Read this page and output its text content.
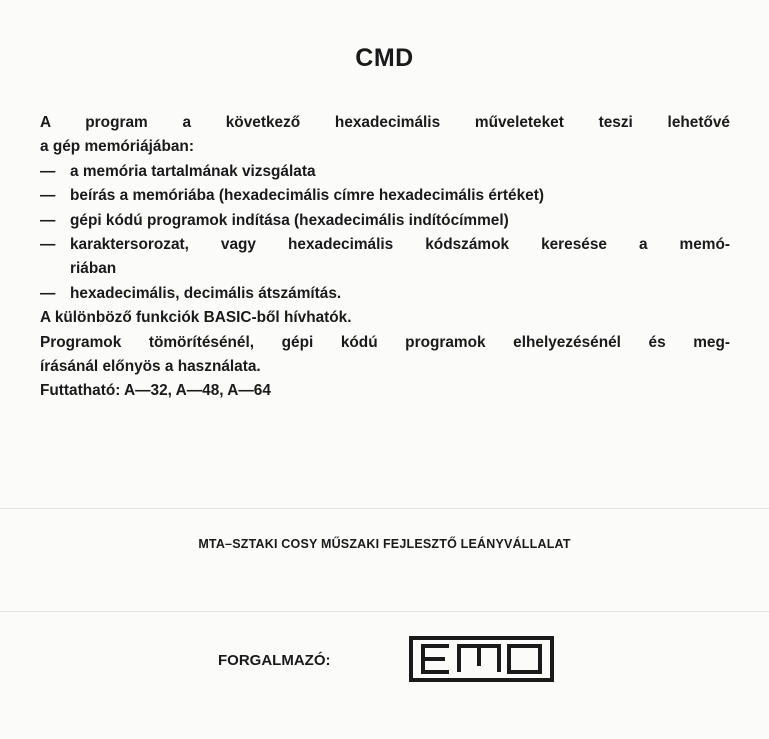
CMD
A program a következő hexadecimális műveleteket teszi lehetővé
a gép memóriájában:
— a memória tartalmának vizsgálata
— beírás a memóriába (hexadecimális címre hexadecimális értéket)
— gépi kódú programok indítása (hexadecimális indítócímmel)
— karaktersorozat, vagy hexadecimális kódszámok keresése a memó-
riában
— hexadecimális, decimális átszámítás.
A különböző funkciók BASIC-ből hívhatók.
Programok tömörítésénél, gépi kódú programok elhelyezésénél és meg-
írásánál előnyös a használata.
Futtatható: A—32, A—48, A—64
MTA–SZTAKI COSY MŰSZAKI FEJLESZTŐ LEÁNYVÁLLALAT
FORGALMAZÓ:
